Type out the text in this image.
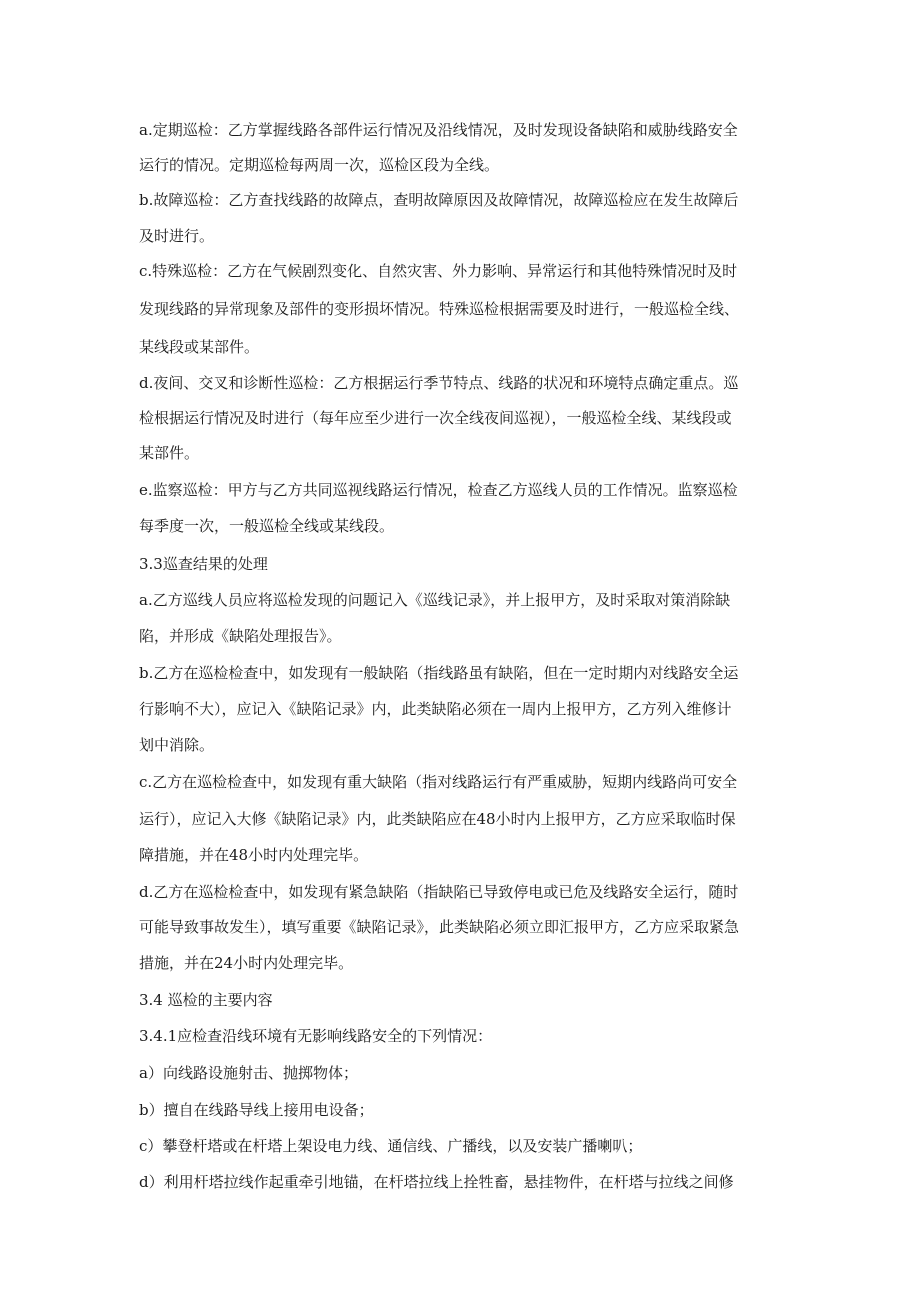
a.定期巡检：乙方掌握线路各部件运行情况及沿线情况，及时发现设备缺陷和威胁线路安全
运行的情况。定期巡检每两周一次，巡检区段为全线。
b.故障巡检：乙方查找线路的故障点，查明故障原因及故障情况，故障巡检应在发生故障后
及时进行。
c.特殊巡检：乙方在气候剧烈变化、自然灾害、外力影响、异常运行和其他特殊情况时及时
发现线路的异常现象及部件的变形损坏情况。特殊巡检根据需要及时进行，一般巡检全线、
某线段或某部件。
d.夜间、交叉和诊断性巡检：乙方根据运行季节特点、线路的状况和环境特点确定重点。巡
检根据运行情况及时进行（每年应至少进行一次全线夜间巡视），一般巡检全线、某线段或
某部件。
e.监察巡检：甲方与乙方共同巡视线路运行情况，检查乙方巡线人员的工作情况。监察巡检
每季度一次，一般巡检全线或某线段。
3.3巡查结果的处理
a.乙方巡线人员应将巡检发现的问题记入《巡线记录》，并上报甲方，及时采取对策消除缺
陷，并形成《缺陷处理报告》。
b.乙方在巡检检查中，如发现有一般缺陷（指线路虽有缺陷，但在一定时期内对线路安全运
行影响不大），应记入《缺陷记录》内，此类缺陷必须在一周内上报甲方，乙方列入维修计
划中消除。
c.乙方在巡检检查中，如发现有重大缺陷（指对线路运行有严重威胁，短期内线路尚可安全
运行），应记入大修《缺陷记录》内，此类缺陷应在48小时内上报甲方，乙方应采取临时保
障措施，并在48小时内处理完毕。
d.乙方在巡检检查中，如发现有紧急缺陷（指缺陷已导致停电或已危及线路安全运行，随时
可能导致事故发生），填写重要《缺陷记录》，此类缺陷必须立即汇报甲方，乙方应采取紧急
措施，并在24小时内处理完毕。
3.4 巡检的主要内容
3.4.1应检查沿线环境有无影响线路安全的下列情况：
a）向线路设施射击、抛掷物体；
b）擅自在线路导线上接用电设备；
c）攀登杆塔或在杆塔上架设电力线、通信线、广播线，以及安装广播喇叭；
d）利用杆塔拉线作起重牵引地锚，在杆塔拉线上拴牲畜，悬挂物件，在杆塔与拉线之间修
